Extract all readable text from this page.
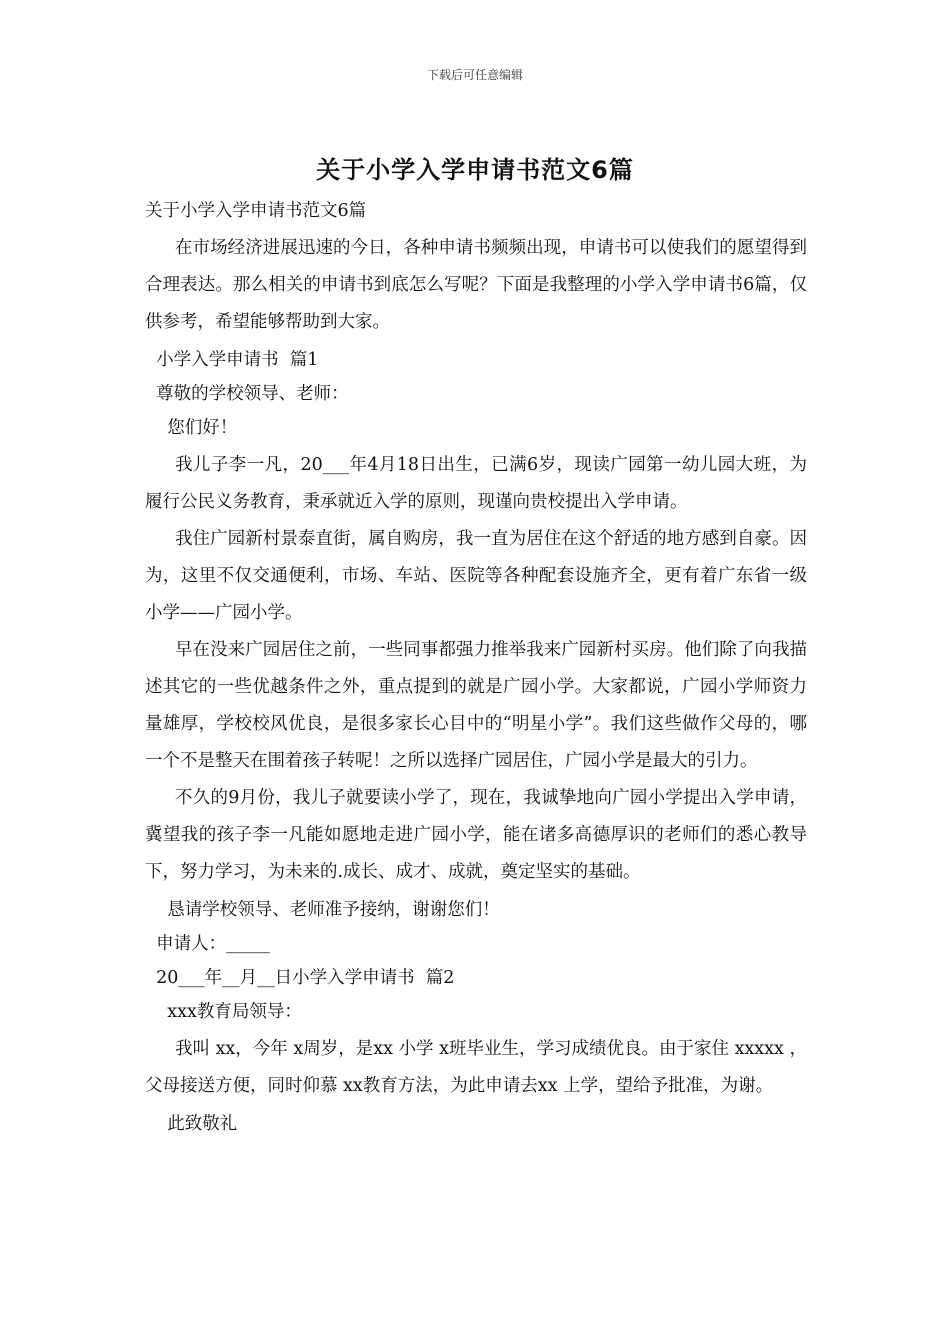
下载后可任意编辑
关于小学入学申请书范文6篇
关于小学入学申请书范文6篇

在市场经济进展迅速的今日，各种申请书频频出现，申请书可以使我们的愿望得到合理表达。那么相关的申请书到底怎么写呢？下面是我整理的小学入学申请书6篇，仅供参考，希望能够帮助到大家。

小学入学申请书  篇1
尊敬的学校领导、老师：
您们好！

我儿子李一凡，20___年4月18日出生，已满6岁，现读广园第一幼儿园大班，为履行公民义务教育，秉承就近入学的原则，现谨向贵校提出入学申请。

我住广园新村景泰直街，属自购房，我一直为居住在这个舒适的地方感到自豪。因为，这里不仅交通便利，市场、车站、医院等各种配套设施齐全，更有着广东省一级小学——广园小学。

早在没来广园居住之前，一些同事都强力推举我来广园新村买房。他们除了向我描述其它的一些优越条件之外，重点提到的就是广园小学。大家都说，广园小学师资力量雄厚，学校校风优良，是很多家长心目中的“明星小学”。我们这些做作父母的，哪一个不是整天在围着孩子转呢！之所以选择广园居住，广园小学是最大的引力。

不久的9月份，我儿子就要读小学了，现在，我诚挚地向广园小学提出入学申请，冀望我的孩子李一凡能如愿地走进广园小学，能在诸多高德厚识的老师们的悉心教导下，努力学习，为未来的.成长、成才、成就，奠定坚实的基础。

恳请学校领导、老师准予接纳，谢谢您们！
申请人：_____
20___年__月__日小学入学申请书  篇2
xxx教育局领导：

我叫 xx，今年 x周岁，是xx 小学 x班毕业生，学习成绩优良。由于家住 xxxxx ，父母接送方便，同时仰慕 xx教育方法，为此申请去xx 上学，望给予批准，为谢。

此致敬礼
